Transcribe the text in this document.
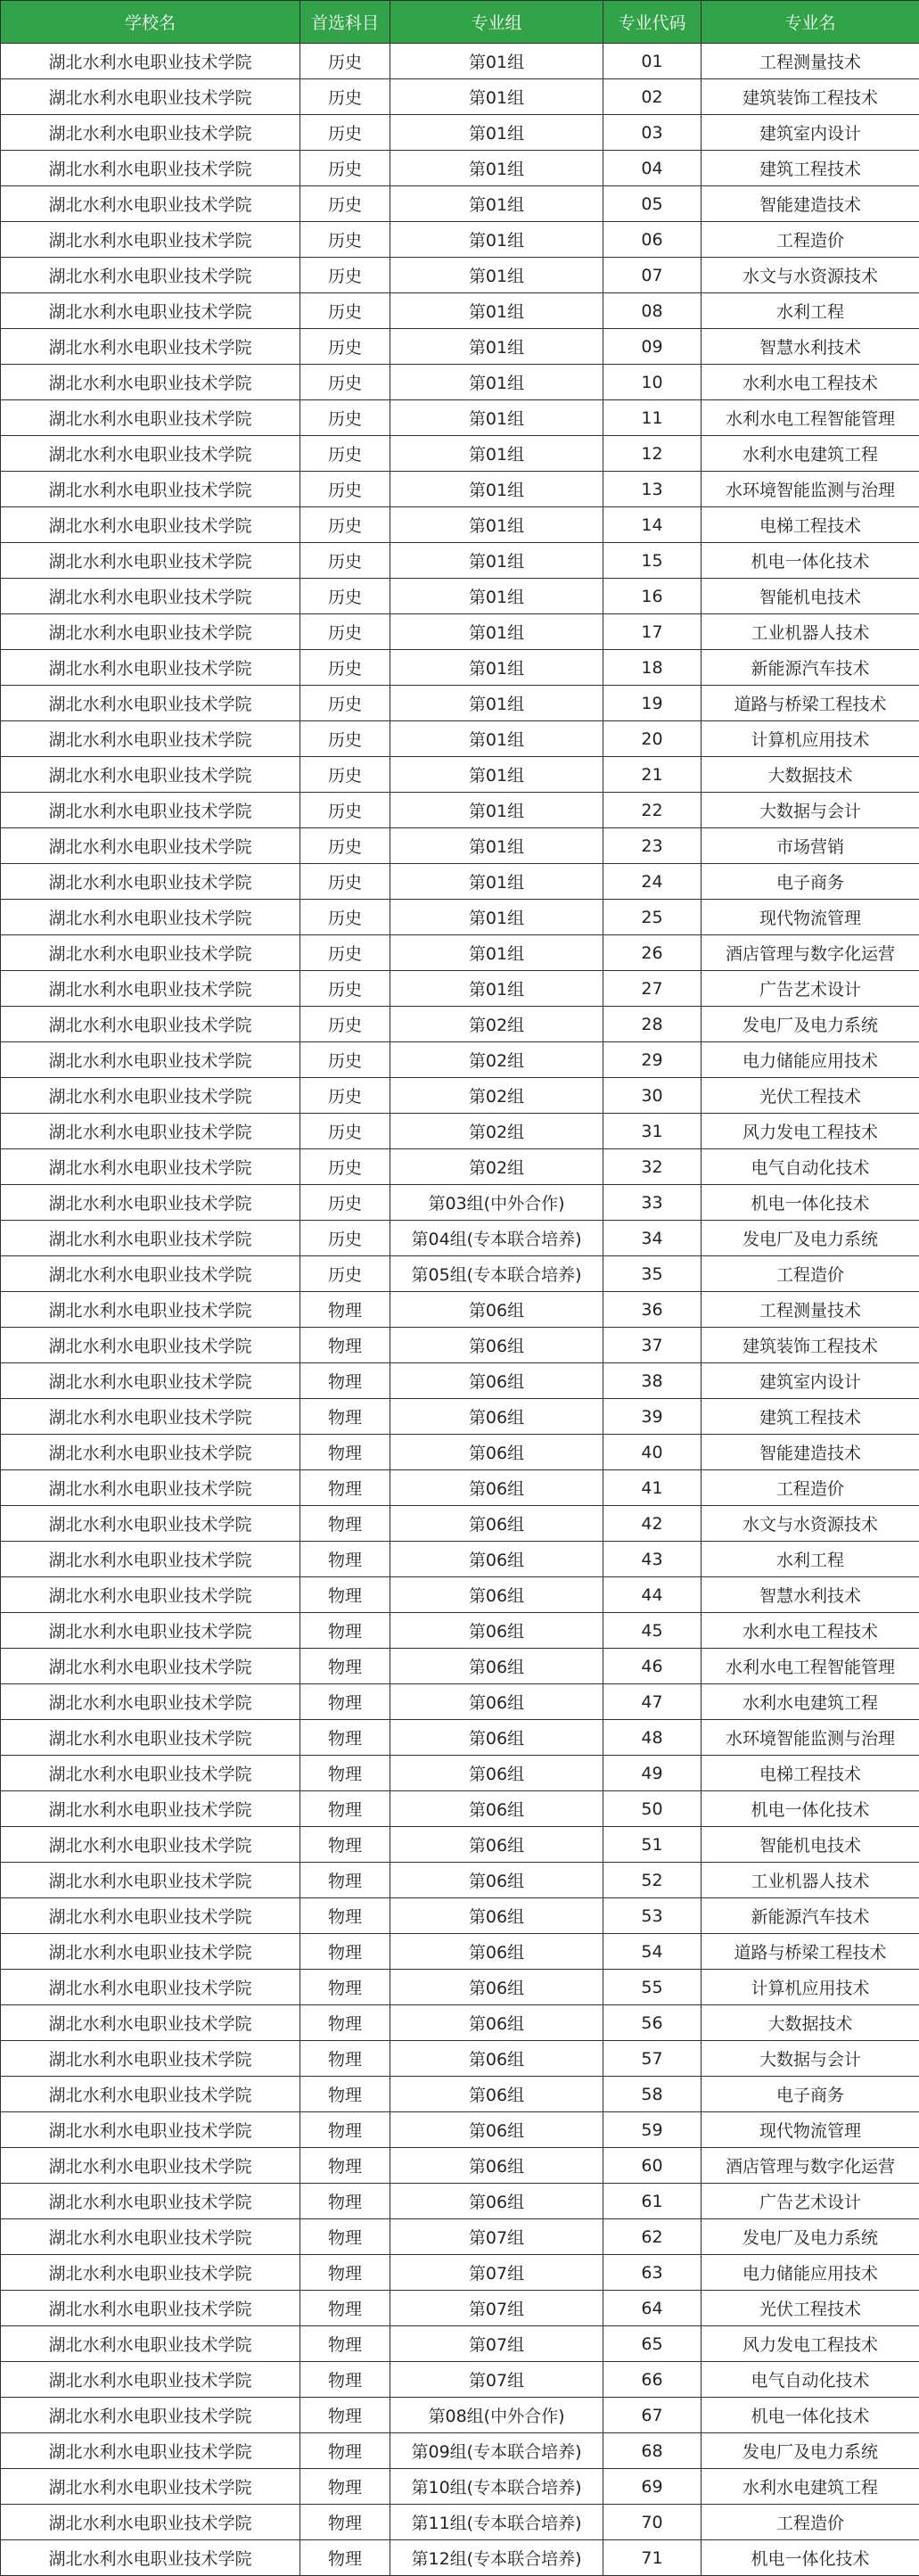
学校名	首选科目	专业组	专业代码	专业名
湖北水利水电职业技术学院	历史	第01组	01	工程测量技术
湖北水利水电职业技术学院	历史	第01组	02	建筑装饰工程技术
湖北水利水电职业技术学院	历史	第01组	03	建筑室内设计
湖北水利水电职业技术学院	历史	第01组	04	建筑工程技术
湖北水利水电职业技术学院	历史	第01组	05	智能建造技术
湖北水利水电职业技术学院	历史	第01组	06	工程造价
湖北水利水电职业技术学院	历史	第01组	07	水文与水资源技术
湖北水利水电职业技术学院	历史	第01组	08	水利工程
湖北水利水电职业技术学院	历史	第01组	09	智慧水利技术
湖北水利水电职业技术学院	历史	第01组	10	水利水电工程技术
湖北水利水电职业技术学院	历史	第01组	11	水利水电工程智能管理
湖北水利水电职业技术学院	历史	第01组	12	水利水电建筑工程
湖北水利水电职业技术学院	历史	第01组	13	水环境智能监测与治理
湖北水利水电职业技术学院	历史	第01组	14	电梯工程技术
湖北水利水电职业技术学院	历史	第01组	15	机电一体化技术
湖北水利水电职业技术学院	历史	第01组	16	智能机电技术
湖北水利水电职业技术学院	历史	第01组	17	工业机器人技术
湖北水利水电职业技术学院	历史	第01组	18	新能源汽车技术
湖北水利水电职业技术学院	历史	第01组	19	道路与桥梁工程技术
湖北水利水电职业技术学院	历史	第01组	20	计算机应用技术
湖北水利水电职业技术学院	历史	第01组	21	大数据技术
湖北水利水电职业技术学院	历史	第01组	22	大数据与会计
湖北水利水电职业技术学院	历史	第01组	23	市场营销
湖北水利水电职业技术学院	历史	第01组	24	电子商务
湖北水利水电职业技术学院	历史	第01组	25	现代物流管理
湖北水利水电职业技术学院	历史	第01组	26	酒店管理与数字化运营
湖北水利水电职业技术学院	历史	第01组	27	广告艺术设计
湖北水利水电职业技术学院	历史	第02组	28	发电厂及电力系统
湖北水利水电职业技术学院	历史	第02组	29	电力储能应用技术
湖北水利水电职业技术学院	历史	第02组	30	光伏工程技术
湖北水利水电职业技术学院	历史	第02组	31	风力发电工程技术
湖北水利水电职业技术学院	历史	第02组	32	电气自动化技术
湖北水利水电职业技术学院	历史	第03组(中外合作)	33	机电一体化技术
湖北水利水电职业技术学院	历史	第04组(专本联合培养)	34	发电厂及电力系统
湖北水利水电职业技术学院	历史	第05组(专本联合培养)	35	工程造价
湖北水利水电职业技术学院	物理	第06组	36	工程测量技术
湖北水利水电职业技术学院	物理	第06组	37	建筑装饰工程技术
湖北水利水电职业技术学院	物理	第06组	38	建筑室内设计
湖北水利水电职业技术学院	物理	第06组	39	建筑工程技术
湖北水利水电职业技术学院	物理	第06组	40	智能建造技术
湖北水利水电职业技术学院	物理	第06组	41	工程造价
湖北水利水电职业技术学院	物理	第06组	42	水文与水资源技术
湖北水利水电职业技术学院	物理	第06组	43	水利工程
湖北水利水电职业技术学院	物理	第06组	44	智慧水利技术
湖北水利水电职业技术学院	物理	第06组	45	水利水电工程技术
湖北水利水电职业技术学院	物理	第06组	46	水利水电工程智能管理
湖北水利水电职业技术学院	物理	第06组	47	水利水电建筑工程
湖北水利水电职业技术学院	物理	第06组	48	水环境智能监测与治理
湖北水利水电职业技术学院	物理	第06组	49	电梯工程技术
湖北水利水电职业技术学院	物理	第06组	50	机电一体化技术
湖北水利水电职业技术学院	物理	第06组	51	智能机电技术
湖北水利水电职业技术学院	物理	第06组	52	工业机器人技术
湖北水利水电职业技术学院	物理	第06组	53	新能源汽车技术
湖北水利水电职业技术学院	物理	第06组	54	道路与桥梁工程技术
湖北水利水电职业技术学院	物理	第06组	55	计算机应用技术
湖北水利水电职业技术学院	物理	第06组	56	大数据技术
湖北水利水电职业技术学院	物理	第06组	57	大数据与会计
湖北水利水电职业技术学院	物理	第06组	58	电子商务
湖北水利水电职业技术学院	物理	第06组	59	现代物流管理
湖北水利水电职业技术学院	物理	第06组	60	酒店管理与数字化运营
湖北水利水电职业技术学院	物理	第06组	61	广告艺术设计
湖北水利水电职业技术学院	物理	第07组	62	发电厂及电力系统
湖北水利水电职业技术学院	物理	第07组	63	电力储能应用技术
湖北水利水电职业技术学院	物理	第07组	64	光伏工程技术
湖北水利水电职业技术学院	物理	第07组	65	风力发电工程技术
湖北水利水电职业技术学院	物理	第07组	66	电气自动化技术
湖北水利水电职业技术学院	物理	第08组(中外合作)	67	机电一体化技术
湖北水利水电职业技术学院	物理	第09组(专本联合培养)	68	发电厂及电力系统
湖北水利水电职业技术学院	物理	第10组(专本联合培养)	69	水利水电建筑工程
湖北水利水电职业技术学院	物理	第11组(专本联合培养)	70	工程造价
湖北水利水电职业技术学院	物理	第12组(专本联合培养)	71	机电一体化技术
